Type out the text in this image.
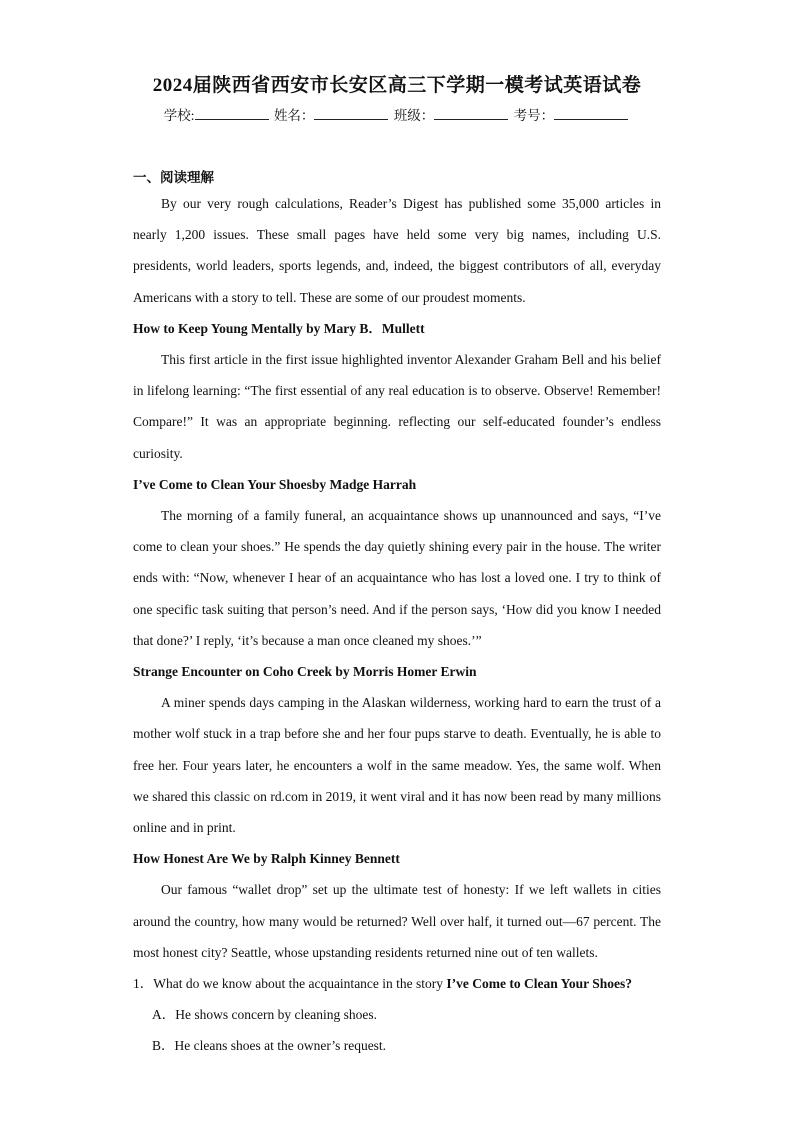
2024届陕西省西安市长安区高三下学期一模考试英语试卷
学校:	姓名：	班级：	考号：
一、阅读理解

By our very rough calculations, Reader’s Digest has published some 35,000 articles in nearly 1,200 issues. These small pages have held some very big names, including U.S. presidents, world leaders, sports legends, and, indeed, the biggest contributors of all, everyday Americans with a story to tell. These are some of our proudest moments.

How to Keep Young Mentally by Mary B．Mullett

This first article in the first issue highlighted inventor Alexander Graham Bell and his belief in lifelong learning: “The first essential of any real education is to observe. Observe! Remember! Compare!” It was an appropriate beginning. reflecting our self-educated founder’s endless curiosity.

I’ve Come to Clean Your Shoesby Madge Harrah

The morning of a family funeral, an acquaintance shows up unannounced and says, “I’ve come to clean your shoes.” He spends the day quietly shining every pair in the house. The writer ends with: “Now, whenever I hear of an acquaintance who has lost a loved one. I try to think of one specific task suiting that person’s need. And if the person says, ‘How did you know I needed that done?’ I reply, ‘it’s because a man once cleaned my shoes.’”

Strange Encounter on Coho Creek by Morris Homer Erwin

A miner spends days camping in the Alaskan wilderness, working hard to earn the trust of a mother wolf stuck in a trap before she and her four pups starve to death. Eventually, he is able to free her. Four years later, he encounters a wolf in the same meadow. Yes, the same wolf. When we shared this classic on rd.com in 2019, it went viral and it has now been read by many millions online and in print.

How Honest Are We by Ralph Kinney Bennett

Our famous “wallet drop” set up the ultimate test of honesty: If we left wallets in cities around the country, how many would be returned? Well over half, it turned out—67 percent. The most honest city? Seattle, whose upstanding residents returned nine out of ten wallets.

1．What do we know about the acquaintance in the story I’ve Come to Clean Your Shoes?

A．He shows concern by cleaning shoes.

B．He cleans shoes at the owner’s request.
